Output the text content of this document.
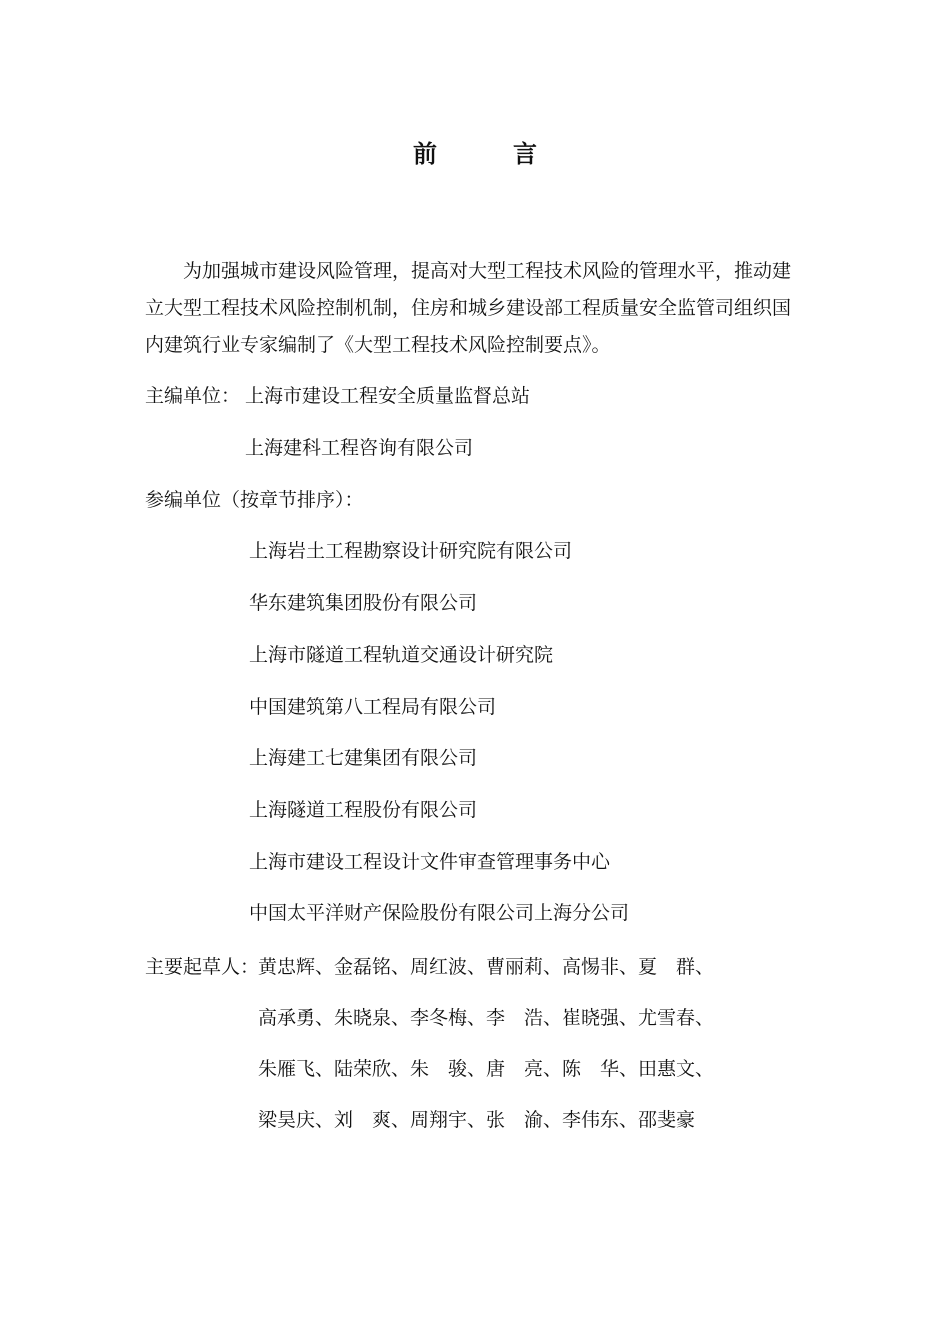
前　言
为加强城市建设风险管理，提高对大型工程技术风险的管理水平，推动建
立大型工程技术风险控制机制，住房和城乡建设部工程质量安全监管司组织国
内建筑行业专家编制了《大型工程技术风险控制要点》。
主编单位： 上海市建设工程安全质量监督总站
上海建科工程咨询有限公司
参编单位（按章节排序）：
上海岩土工程勘察设计研究院有限公司
华东建筑集团股份有限公司
上海市隧道工程轨道交通设计研究院
中国建筑第八工程局有限公司
上海建工七建集团有限公司
上海隧道工程股份有限公司
上海市建设工程设计文件审查管理事务中心
中国太平洋财产保险股份有限公司上海分公司
主要起草人：
黄忠辉、金磊铭、周红波、曹丽莉、高惕非、夏　群、
高承勇、朱晓泉、李冬梅、李　浩、崔晓强、尤雪春、
朱雁飞、陆荣欣、朱　骏、唐　亮、陈　华、田惠文、
梁昊庆、刘　爽、周翔宇、张　渝、李伟东、邵斐豪
